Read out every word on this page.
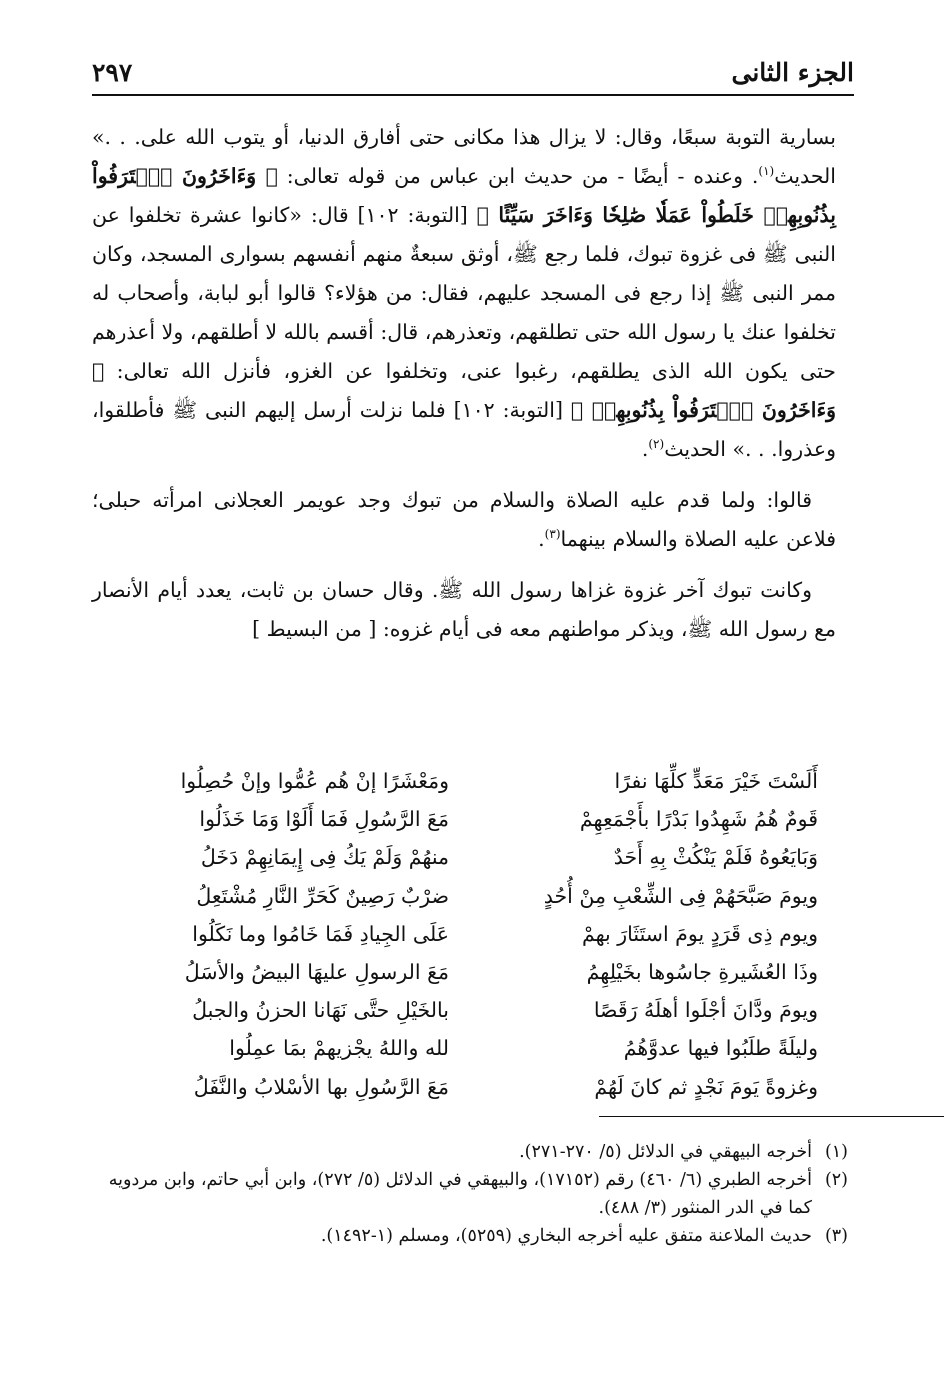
الجزء الثانى
٢٩٧

بسارية التوبة سبعًا، وقال: لا يزال هذا مكانى حتى أفارق الدنيا، أو يتوب الله على. . .» الحديث$^{(١)}$. وعنده - أيضًا - من حديث ابن عباس من قوله تعالى: ﴿ وَءَاخَرُونَ ٱعۡتَرَفُواْ بِذُنُوبِهِمۡ خَلَطُواْ عَمَلٗا صَٰلِحٗا وَءَاخَرَ سَيِّئًا ﴾ [التوبة: ١٠٢] قال: «كانوا عشرة تخلفوا عن النبى ﷺ فى غزوة تبوك، فلما رجع ﷺ، أوثق سبعةٌ منهم أنفسهم بسوارى المسجد، وكان ممر النبى ﷺ إذا رجع فى المسجد عليهم، فقال: من هؤلاء؟ قالوا أبو لبابة، وأصحاب له تخلفوا عنك يا رسول الله حتى تطلقهم، وتعذرهم، قال: أقسم بالله لا أطلقهم، ولا أعذرهم حتى يكون الله الذى يطلقهم، رغبوا عنى، وتخلفوا عن الغزو، فأنزل الله تعالى: ﴿ وَءَاخَرُونَ ٱعۡتَرَفُواْ بِذُنُوبِهِمۡ ﴾ [التوبة: ١٠٢] فلما نزلت أرسل إليهم النبى ﷺ فأطلقوا، وعذروا. . .» الحديث$^{(٢)}$.

قالوا: ولما قدم عليه الصلاة والسلام من تبوك وجد عويمر العجلانى امرأته حبلى؛ فلاعن عليه الصلاة والسلام بينهما$^{(٣)}$.

وكانت تبوك آخر غزوة غزاها رسول الله ﷺ. وقال حسان بن ثابت، يعدد أيام الأنصار مع رسول الله ﷺ، ويذكر مواطنهم معه فى أيام غزوه: [ من البسيط ]

أَلَسْتَ خَيْرَ مَعَدٍّ كلِّهَا نفرًا
ومَعْشَرًا إنْ هُم عُمُّوا وإنْ حُصِلُوا
قَومٌ هُمُ شَهِدُوا بَدْرًا بأَجْمَعِهِمْ
مَعَ الرَّسُولِ فَمَا أَلَوْا وَمَا خَذَلُوا
وَبَايَعُوهُ فَلَمْ يَنْكُثْ بِهِ أَحَدٌ
منهُمْ وَلَمْ يَكُ فِى إِيمَانِهِمْ دَخَلُ
ويومَ صَبَّحَهُمْ فِى الشِّعْبِ مِنْ أُحُدٍ
ضرْبٌ رَصِينٌ كَحَرِّ النَّارِ مُشْتَعِلُ
ويوم ذِى قَرَدٍ يومَ استَثَارَ بهمْ
عَلَى الجِيادِ فَمَا خَامُوا وما نَكَلُوا
وذَا العُشَيرةِ جاسُوها بخَيْلِهِمُ
مَعَ الرسولِ عليهَا البيضُ والأسَلُ
ويومَ ودَّانَ أجْلَوا أهلَهُ رَقَصًا
بالخَيْلِ حتَّى نَهَانا الحزنُ والجبلُ
وليلَةً طلَبُوا فيها عدوَّهُمُ
لله واللهُ يجْزيهمْ بمَا عمِلُوا
وغزوةً يَومَ نَجْدٍ ثم كانَ لَهُمْ
مَعَ الرَّسُولِ بها الأسْلابُ والنَّفَلُ
(١)
أخرجه البيهقي في الدلائل (٥/ ٢٧٠-٢٧١).
(٢)
أخرجه الطبري (٦/ ٤٦٠) رقم (١٧١٥٢)، والبيهقي في الدلائل (٥/ ٢٧٢)، وابن أبي حاتم، وابن مردويه كما في الدر المنثور (٣/ ٤٨٨).
(٣)
حديث الملاعنة متفق عليه أخرجه البخاري (٥٢٥٩)، ومسلم (١-١٤٩٢).
